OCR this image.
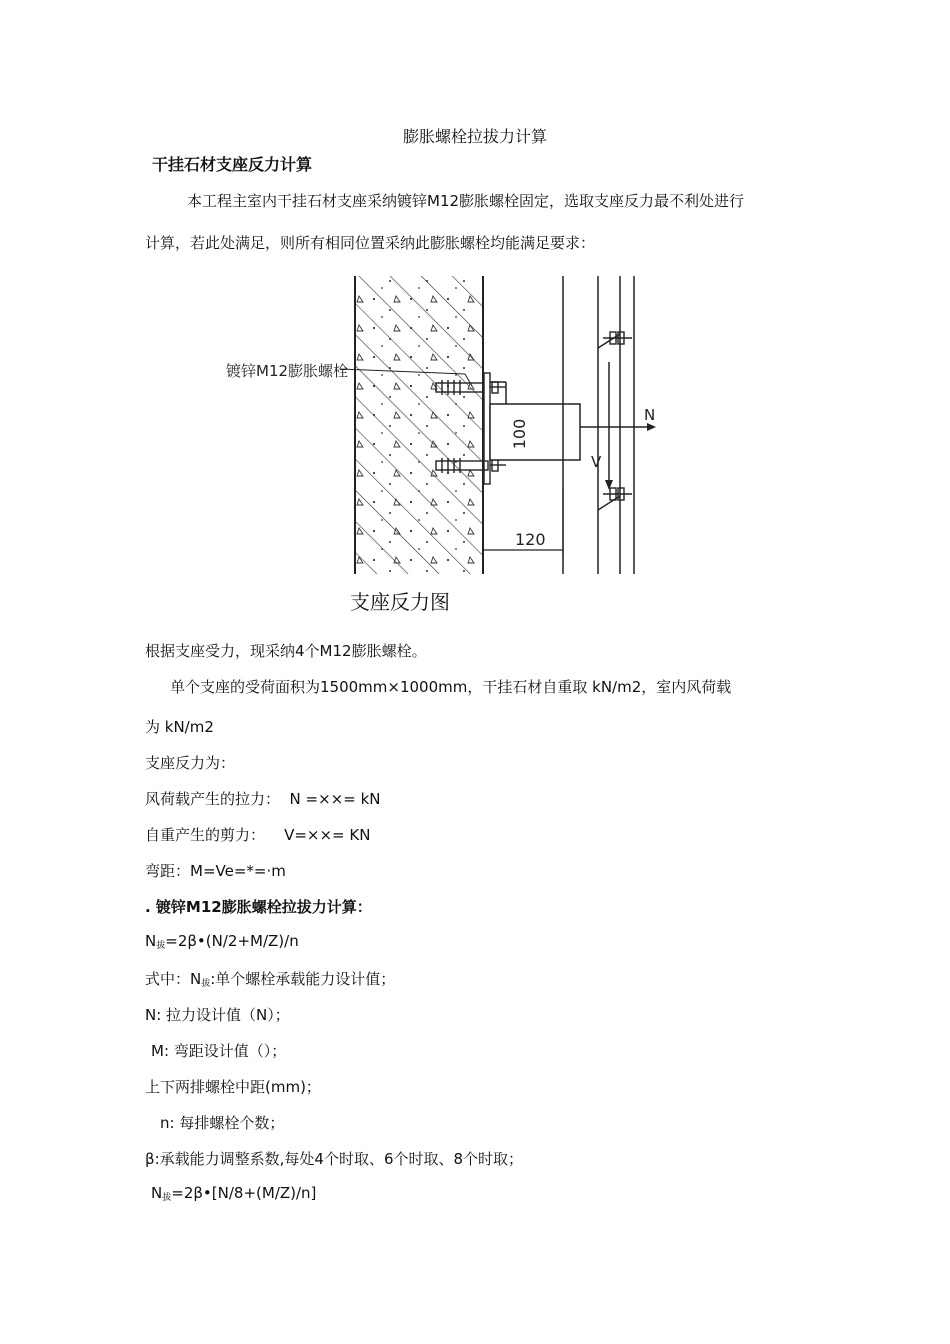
膨胀螺栓拉拔力计算
干挂石材支座反力计算
本工程主室内干挂石材支座采纳镀锌M12膨胀螺栓固定，选取支座反力最不利处进行
计算，若此处满足，则所有相同位置采纳此膨胀螺栓均能满足要求：
镀锌M12膨胀螺栓
100
N
V
120
支座反力图
根据支座受力，现采纳4个M12膨胀螺栓。
单个支座的受荷面积为1500mm×1000mm，干挂石材自重取 kN/m2，室内风荷载
为 kN/m2
支座反力为：
风荷载产生的拉力：  N =××= kN
自重产生的剪力：    V=××= KN
弯距：M=Ve=*=·m
. 镀锌M12膨胀螺栓拉拔力计算：
$N_拔=2\beta•(N/2+M/Z)/n$
式中：$N_拔$:单个螺栓承载能力设计值；
N: 拉力设计值（N）；
M: 弯距设计值（）；
上下两排螺栓中距(mm)；
n: 每排螺栓个数；
β:承载能力调整系数,每处4个时取、6个时取、8个时取；
$N_拔=2\beta•[N/8+(M/Z)/n]$
